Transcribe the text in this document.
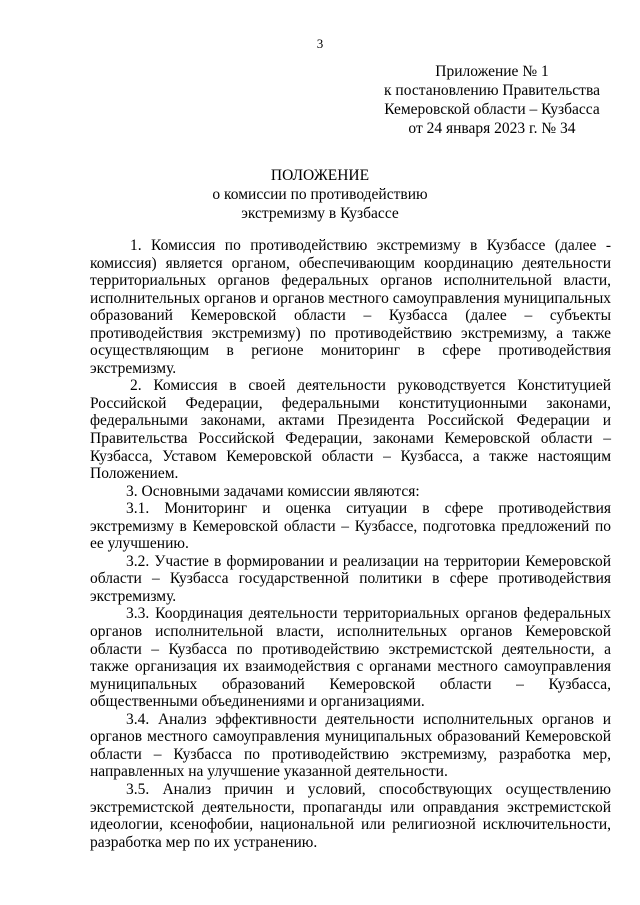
3
Приложение № 1
к постановлению Правительства
Кемеровской области – Кузбасса
от 24 января 2023 г. № 34
ПОЛОЖЕНИЕ
о комиссии по противодействию
экстремизму в Кузбассе

1. Комиссия по противодействию экстремизму в Кузбассе (далее - комиссия) является органом, обеспечивающим координацию деятельности территориальных органов федеральных органов исполнительной власти, исполнительных органов и органов местного самоуправления муниципальных образований Кемеровской области – Кузбасса (далее – субъекты противодействия экстремизму) по противодействию экстремизму, а также осуществляющим в регионе мониторинг в сфере противодействия экстремизму.

2. Комиссия в своей деятельности руководствуется Конституцией Российской Федерации, федеральными конституционными законами, федеральными законами, актами Президента Российской Федерации и Правительства Российской Федерации, законами Кемеровской области – Кузбасса, Уставом Кемеровской области – Кузбасса, а также настоящим Положением.

3. Основными задачами комиссии являются:

3.1. Мониторинг и оценка ситуации в сфере противодействия экстремизму в Кемеровской области – Кузбассе, подготовка предложений по ее улучшению.

3.2. Участие в формировании и реализации на территории Кемеровской области – Кузбасса государственной политики в сфере противодействия экстремизму.

3.3. Координация деятельности территориальных органов федеральных органов исполнительной власти, исполнительных органов Кемеровской области – Кузбасса по противодействию экстремистской деятельности, а также организация их взаимодействия с органами местного самоуправления муниципальных образований Кемеровской области – Кузбасса, общественными объединениями и организациями.

3.4. Анализ эффективности деятельности исполнительных органов и органов местного самоуправления муниципальных образований Кемеровской области – Кузбасса по противодействию экстремизму, разработка мер, направленных на улучшение указанной деятельности.

3.5. Анализ причин и условий, способствующих осуществлению экстремистской деятельности, пропаганды или оправдания экстремистской идеологии, ксенофобии, национальной или религиозной исключительности, разработка мер по их устранению.
